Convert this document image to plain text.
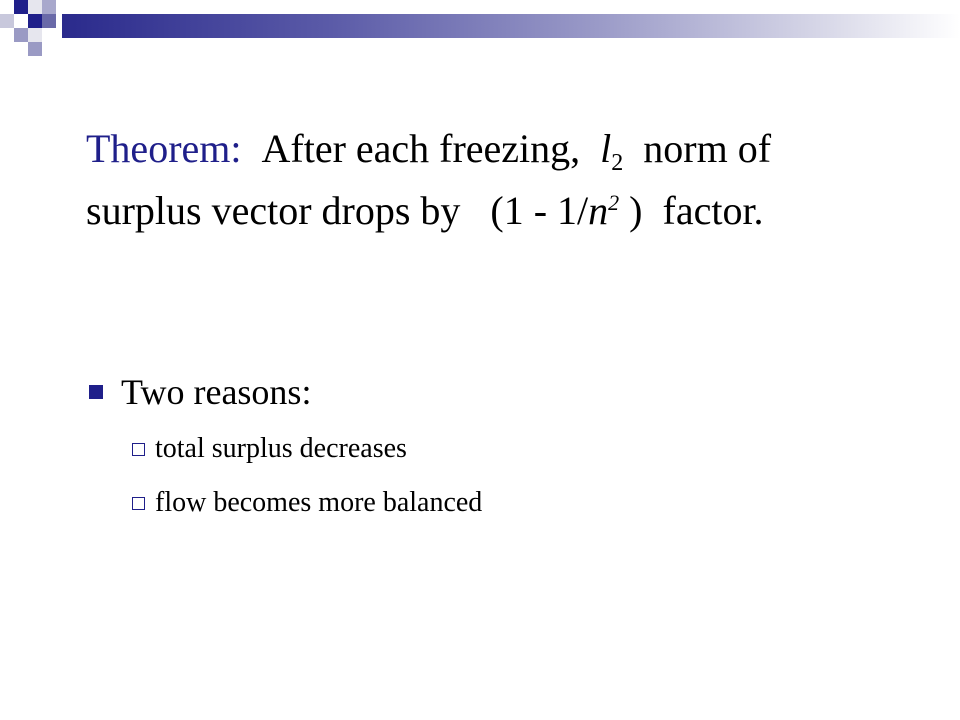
Theorem: After each freezing, $l_2$ norm of
surplus vector drops by ($1 - 1/n^2$ ) factor.
Two reasons:
total surplus decreases
flow becomes more balanced
